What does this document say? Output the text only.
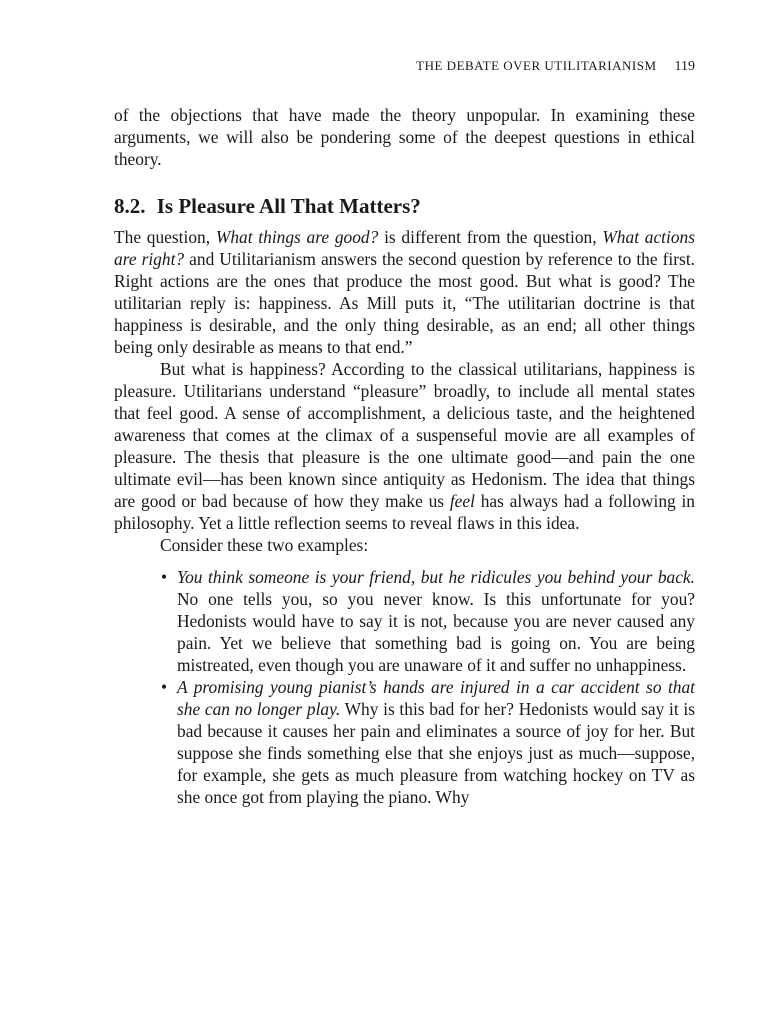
THE DEBATE OVER UTILITARIANISM 119

of the objections that have made the theory unpopular. In examining these arguments, we will also be pondering some of the deepest questions in ethical theory.

8.2. Is Pleasure All That Matters?

The question, What things are good? is different from the question, What actions are right? and Utilitarianism answers the second question by reference to the first. Right actions are the ones that produce the most good. But what is good? The utilitarian reply is: happiness. As Mill puts it, “The utilitarian doctrine is that happiness is desirable, and the only thing desirable, as an end; all other things being only desirable as means to that end.”

But what is happiness? According to the classical utilitarians, happiness is pleasure. Utilitarians understand “pleasure” broadly, to include all mental states that feel good. A sense of accomplishment, a delicious taste, and the heightened awareness that comes at the climax of a suspenseful movie are all examples of pleasure. The thesis that pleasure is the one ultimate good—and pain the one ultimate evil—has been known since antiquity as Hedonism. The idea that things are good or bad because of how they make us feel has always had a following in philosophy. Yet a little reflection seems to reveal flaws in this idea.

Consider these two examples:

• You think someone is your friend, but he ridicules you behind your back. No one tells you, so you never know. Is this unfortunate for you? Hedonists would have to say it is not, because you are never caused any pain. Yet we believe that something bad is going on. You are being mistreated, even though you are unaware of it and suffer no unhappiness.
• A promising young pianist’s hands are injured in a car accident so that she can no longer play. Why is this bad for her? Hedonists would say it is bad because it causes her pain and eliminates a source of joy for her. But suppose she finds something else that she enjoys just as much—suppose, for example, she gets as much pleasure from watching hockey on TV as she once got from playing the piano. Why
